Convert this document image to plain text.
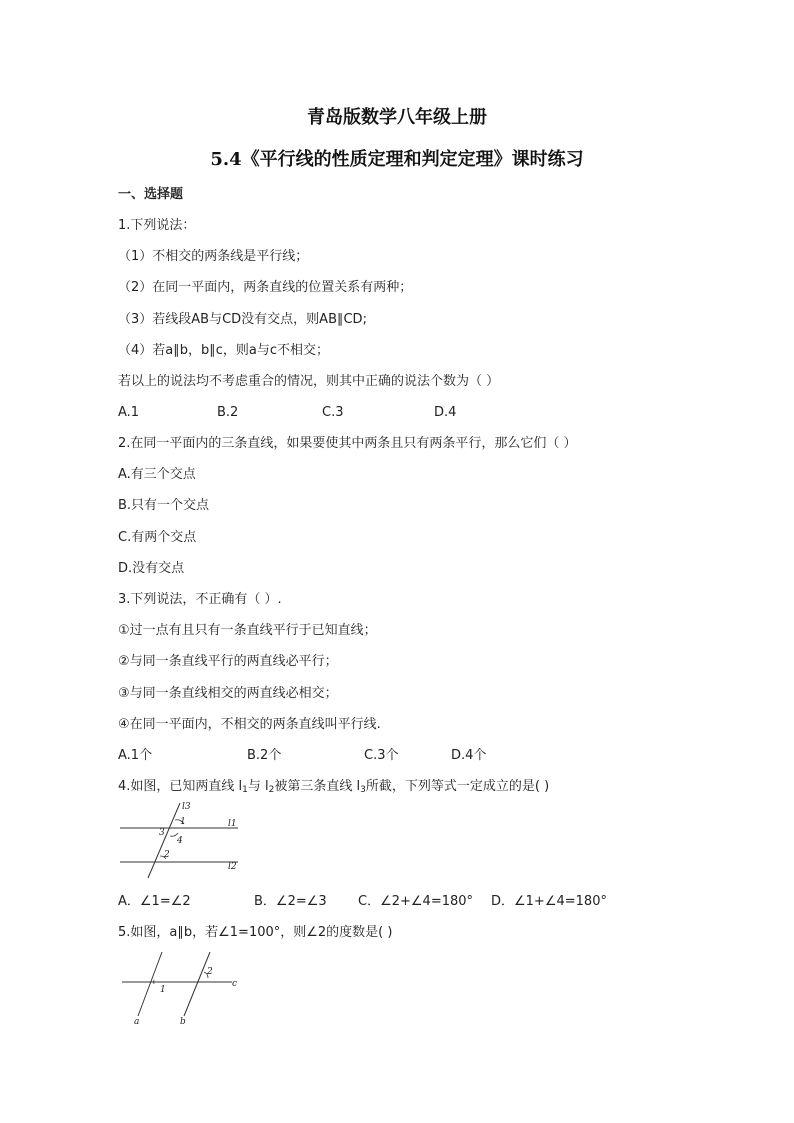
青岛版数学八年级上册
5.4《平行线的性质定理和判定定理》课时练习
一、选择题
1.下列说法：
（1）不相交的两条线是平行线；
（2）在同一平面内，两条直线的位置关系有两种；
（3）若线段AB与CD没有交点，则AB∥CD;
（4）若a∥b，b∥c，则a与c不相交；
若以上的说法均不考虑重合的情况，则其中正确的说法个数为（ ）
A.1	B.2	C.3	D.4
2.在同一平面内的三条直线，如果要使其中两条且只有两条平行，那么它们（ ）
A.有三个交点
B.只有一个交点
C.有两个交点
D.没有交点
3.下列说法，不正确有（ ）.
①过一点有且只有一条直线平行于已知直线；
②与同一条直线平行的两直线必平行；
③与同一条直线相交的两直线必相交；
④在同一平面内，不相交的两条直线叫平行线.
A.1个	B.2个	C.3个	D.4个
4.如图，已知两直线 $l_1$与 $l_2$被第三条直线 $l_3$所截，下列等式一定成立的是( )
l3
l1
l2
1
2
3
4
A．∠1=∠2	B．∠2=∠3 C．∠2+∠4=180° D．∠1+∠4=180°
5.如图，a∥b，若∠1=100°，则∠2的度数是( )
a	b
c
1
2
